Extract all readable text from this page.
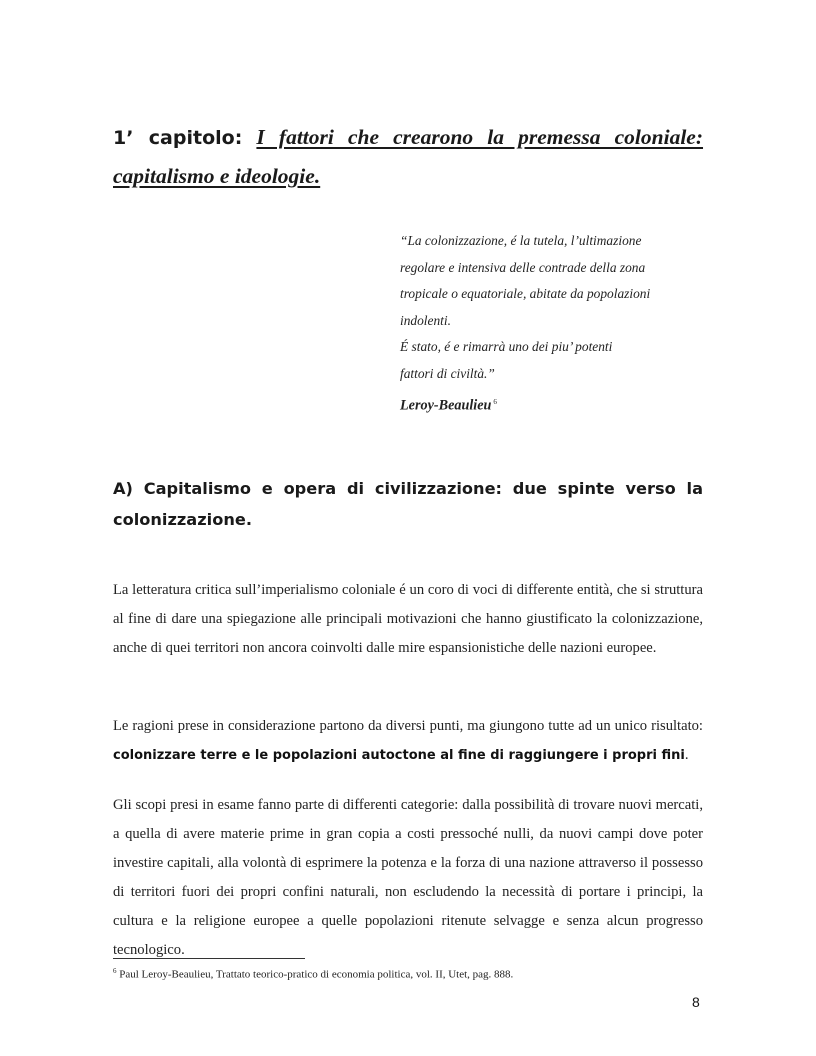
1’ capitolo: I fattori che crearono la premessa coloniale: capitalismo e ideologie.
“La colonizzazione, é la tutela, l’ultimazione
regolare e intensiva delle contrade della zona
tropicale o equatoriale, abitate da popolazioni
indolenti.
É stato, é e rimarrà uno dei piu’ potenti
fattori di civiltà.”
Leroy-Beaulieu $^6$
A) Capitalismo e opera di civilizzazione: due spinte verso la colonizzazione.

La letteratura critica sull’imperialismo coloniale é un coro di voci di differente entità, che si struttura al fine di dare una spiegazione alle principali motivazioni che hanno giustificato la colonizzazione, anche di quei territori non ancora coinvolti dalle mire espansionistiche delle nazioni europee.

Le ragioni prese in considerazione partono da diversi punti, ma giungono tutte ad un unico risultato: colonizzare terre e le popolazioni autoctone al fine di raggiungere i propri fini.

Gli scopi presi in esame fanno parte di differenti categorie: dalla possibilità di trovare nuovi mercati, a quella di avere materie prime in gran copia a costi pressoché nulli, da nuovi campi dove poter investire capitali, alla volontà di esprimere la potenza e la forza di una nazione attraverso il possesso di territori fuori dei propri confini naturali, non escludendo la necessità di portare i principi, la cultura e la religione europee a quelle popolazioni ritenute selvagge e senza alcun progresso tecnologico.

$^6$ Paul Leroy-Beaulieu, Trattato teorico-pratico di economia politica, vol. II, Utet, pag. 888.
8
